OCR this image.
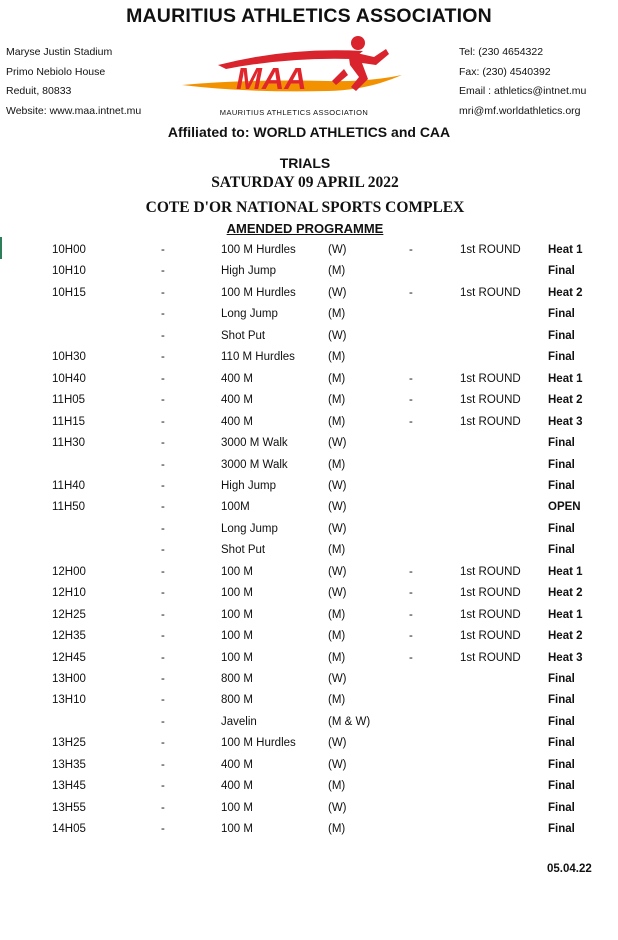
MAURITIUS ATHLETICS ASSOCIATION
Maryse Justin Stadium
Primo Nebiolo House
Reduit, 80833
Website: www.maa.intnet.mu
Tel: (230 4654322
Fax: (230) 4540392
Email : athletics@intnet.mu
mri@mf.worldathletics.org
MAA
MAURITIUS ATHLETICS ASSOCIATION
Affiliated to: WORLD ATHLETICS and CAA
TRIALS
SATURDAY 09 APRIL 2022
COTE D'OR NATIONAL SPORTS COMPLEX
AMENDED PROGRAMME
10H00	-	100 M Hurdles	(W)	-	1st ROUND Heat 1
10H10	-	High Jump	(M)	Final
10H15	-	100 M Hurdles	(W)	-	1st ROUND Heat 2
-	Long Jump	(M)	Final
-	Shot Put	(W)	Final
10H30	-	110 M Hurdles	(M)	Final
10H40	-	400 M	(M)	-	1st ROUND Heat 1
11H05	-	400 M	(M)	-	1st ROUND Heat 2
11H15	-	400 M	(M)	-	1st ROUND Heat 3
11H30	-	3000 M Walk	(W)	Final
-	3000 M Walk	(M)	Final
11H40	-	High Jump	(W)	Final
11H50	-	100M	(W)	OPEN
-	Long Jump	(W)	Final
-	Shot Put	(M)	Final
12H00	-	100 M	(W)	-	1st ROUND Heat 1
12H10	-	100 M	(W)	-	1st ROUND Heat 2
12H25	-	100 M	(M)	-	1st ROUND Heat 1
12H35	-	100 M	(M)	-	1st ROUND Heat 2
12H45	-	100 M	(M)	-	1st ROUND Heat 3
13H00	-	800 M	(W)	Final
13H10	-	800 M	(M)	Final
-	Javelin	(M & W)	Final
13H25	-	100 M Hurdles	(W)	Final
13H35	-	400 M	(W)	Final
13H45	-	400 M	(M)	Final
13H55	-	100 M	(W)	Final
14H05	-	100 M	(M)	Final
05.04.22
